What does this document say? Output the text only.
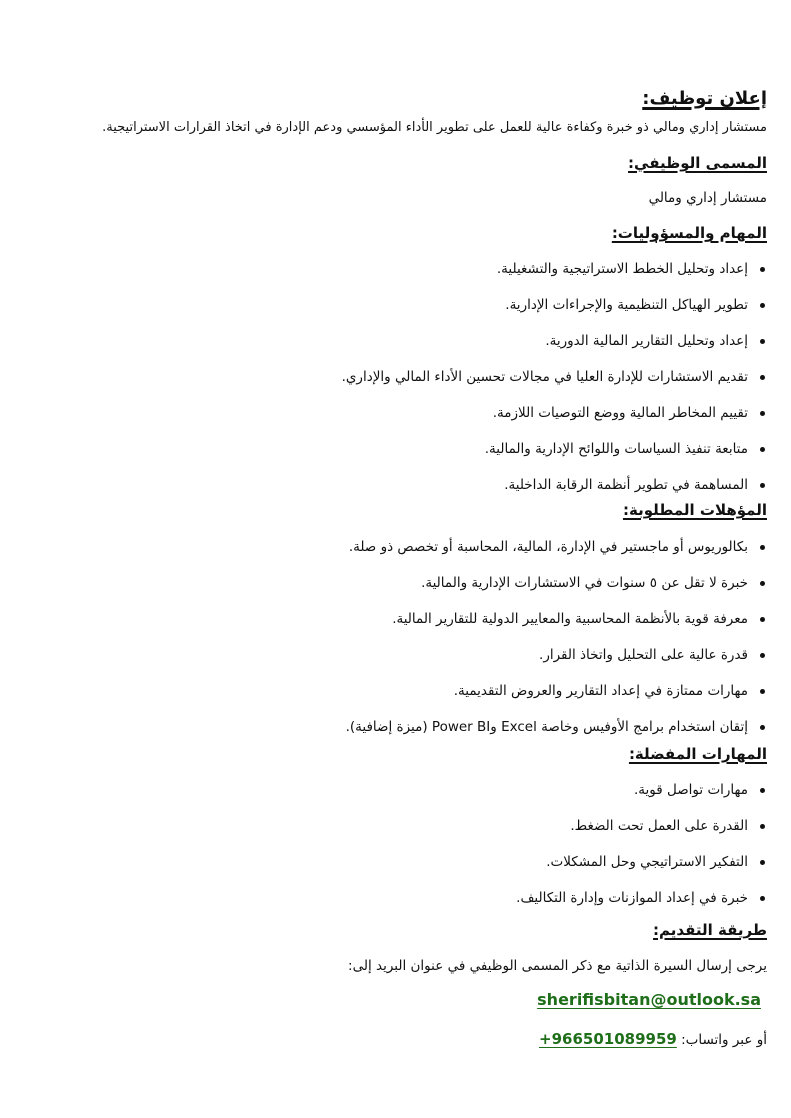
إعلان توظيف:

مستشار إداري ومالي ذو خبرة وكفاءة عالية للعمل على تطوير الأداء المؤسسي ودعم الإدارة في اتخاذ القرارات الاستراتيجية.

المسمى الوظيفي:

مستشار إداري ومالي

المهام والمسؤوليات:

إعداد وتحليل الخطط الاستراتيجية والتشغيلية.
تطوير الهياكل التنظيمية والإجراءات الإدارية.
إعداد وتحليل التقارير المالية الدورية.
تقديم الاستشارات للإدارة العليا في مجالات تحسين الأداء المالي والإداري.
تقييم المخاطر المالية ووضع التوصيات اللازمة.
متابعة تنفيذ السياسات واللوائح الإدارية والمالية.
المساهمة في تطوير أنظمة الرقابة الداخلية.

المؤهلات المطلوبة:

بكالوريوس أو ماجستير في الإدارة، المالية، المحاسبة أو تخصص ذو صلة.
خبرة لا تقل عن ٥ سنوات في الاستشارات الإدارية والمالية.
معرفة قوية بالأنظمة المحاسبية والمعايير الدولية للتقارير المالية.
قدرة عالية على التحليل واتخاذ القرار.
مهارات ممتازة في إعداد التقارير والعروض التقديمية.
إتقان استخدام برامج الأوفيس وخاصة Excel وPower BI (ميزة إضافية).

المهارات المفضلة:

مهارات تواصل قوية.
القدرة على العمل تحت الضغط.
التفكير الاستراتيجي وحل المشكلات.
خبرة في إعداد الموازنات وإدارة التكاليف.

طريقة التقديم:

يرجى إرسال السيرة الذاتية مع ذكر المسمى الوظيفي في عنوان البريد إلى:

sherifisbitan@outlook.sa

أو عبر واتساب: +966501089959
